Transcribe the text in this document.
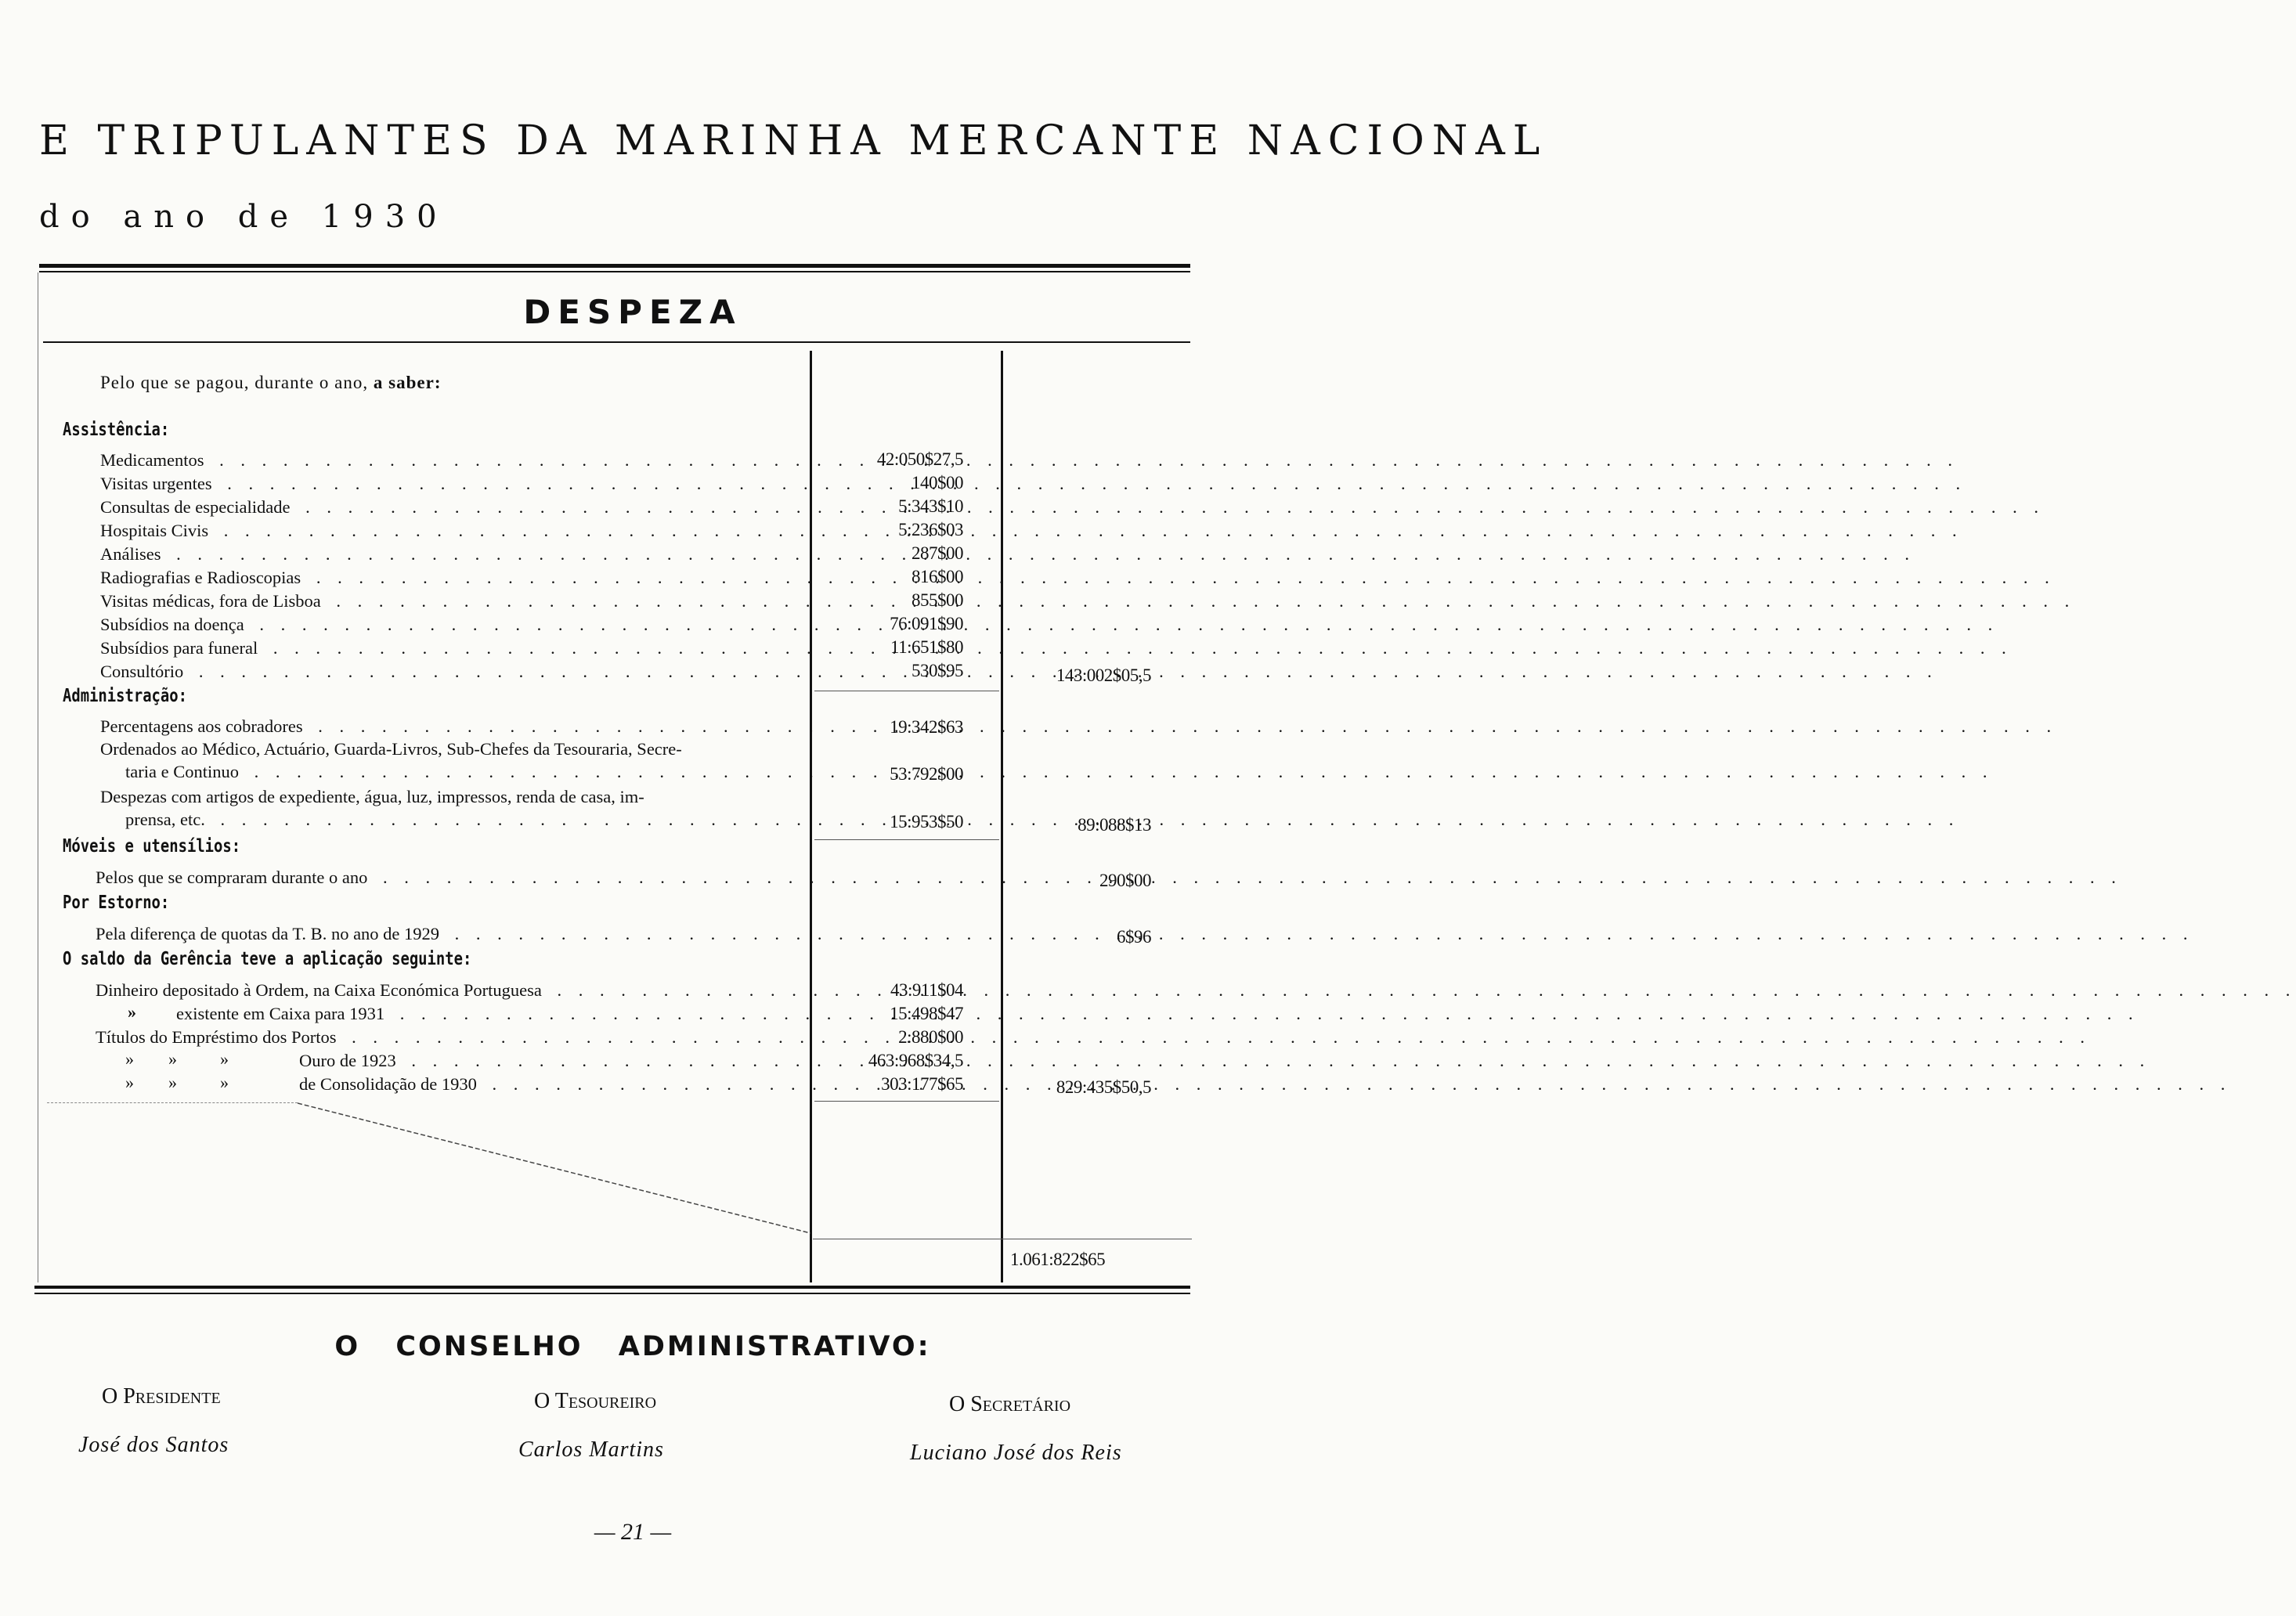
E TRIPULANTES DA MARINHA MERCANTE NACIONAL
do ano de 1930
DESPEZA
Pelo que se pagou, durante o ano, a saber:
Assistência:
Medicamentos . . .	42:050$27,5
Visitas urgentes . . .	140$00
Consultas de especialidade . . .	5:343$10
Hospitais Civis . . .	5:236$03
Análises . . .	287$00
Radiografias e Radioscopias . . .	816$00
Visitas médicas, fora de Lisboa . . .	855$00
Subsídios na doença . . .	76:091$90
Subsídios para funeral . . .	11:651$80
Consultório . . .	530$95	143:002$05,5
Administração:
Percentagens aos cobradores . . .	19:342$63
Ordenados ao Médico, Actuário, Guarda-Livros, Sub-Chefes da Tesouraria, Secre-
taria e Continuo . . .	53:792$00
Despezas com artigos de expediente, água, luz, impressos, renda de casa, im-
prensa, etc. . . .	15:953$50	89:088$13
Móveis e utensílios:
Pelos que se compraram durante o ano . . .	290$00
Por Estorno:
Pela diferença de quotas da T. B. no ano de 1929 . . .	6$96
O saldo da Gerência teve a aplicação seguinte:
Dinheiro depositado à Ordem, na Caixa Económica Portuguesa . . .	43:911$04
» existente em Caixa para 1931 . . .	15:498$47
Títulos do Empréstimo dos Portos . . .	2:880$00
»        »          »	Ouro de 1923 . . .	463:968$34,5
»        »          »	de Consolidação de 1930 . . .	303:177$65	829:435$50,5
1.061:822$65
O CONSELHO ADMINISTRATIVO:
O Presidente
José dos Santos
O Tesoureiro
Carlos Martins
O Secretário
Luciano José dos Reis
— 21 —
